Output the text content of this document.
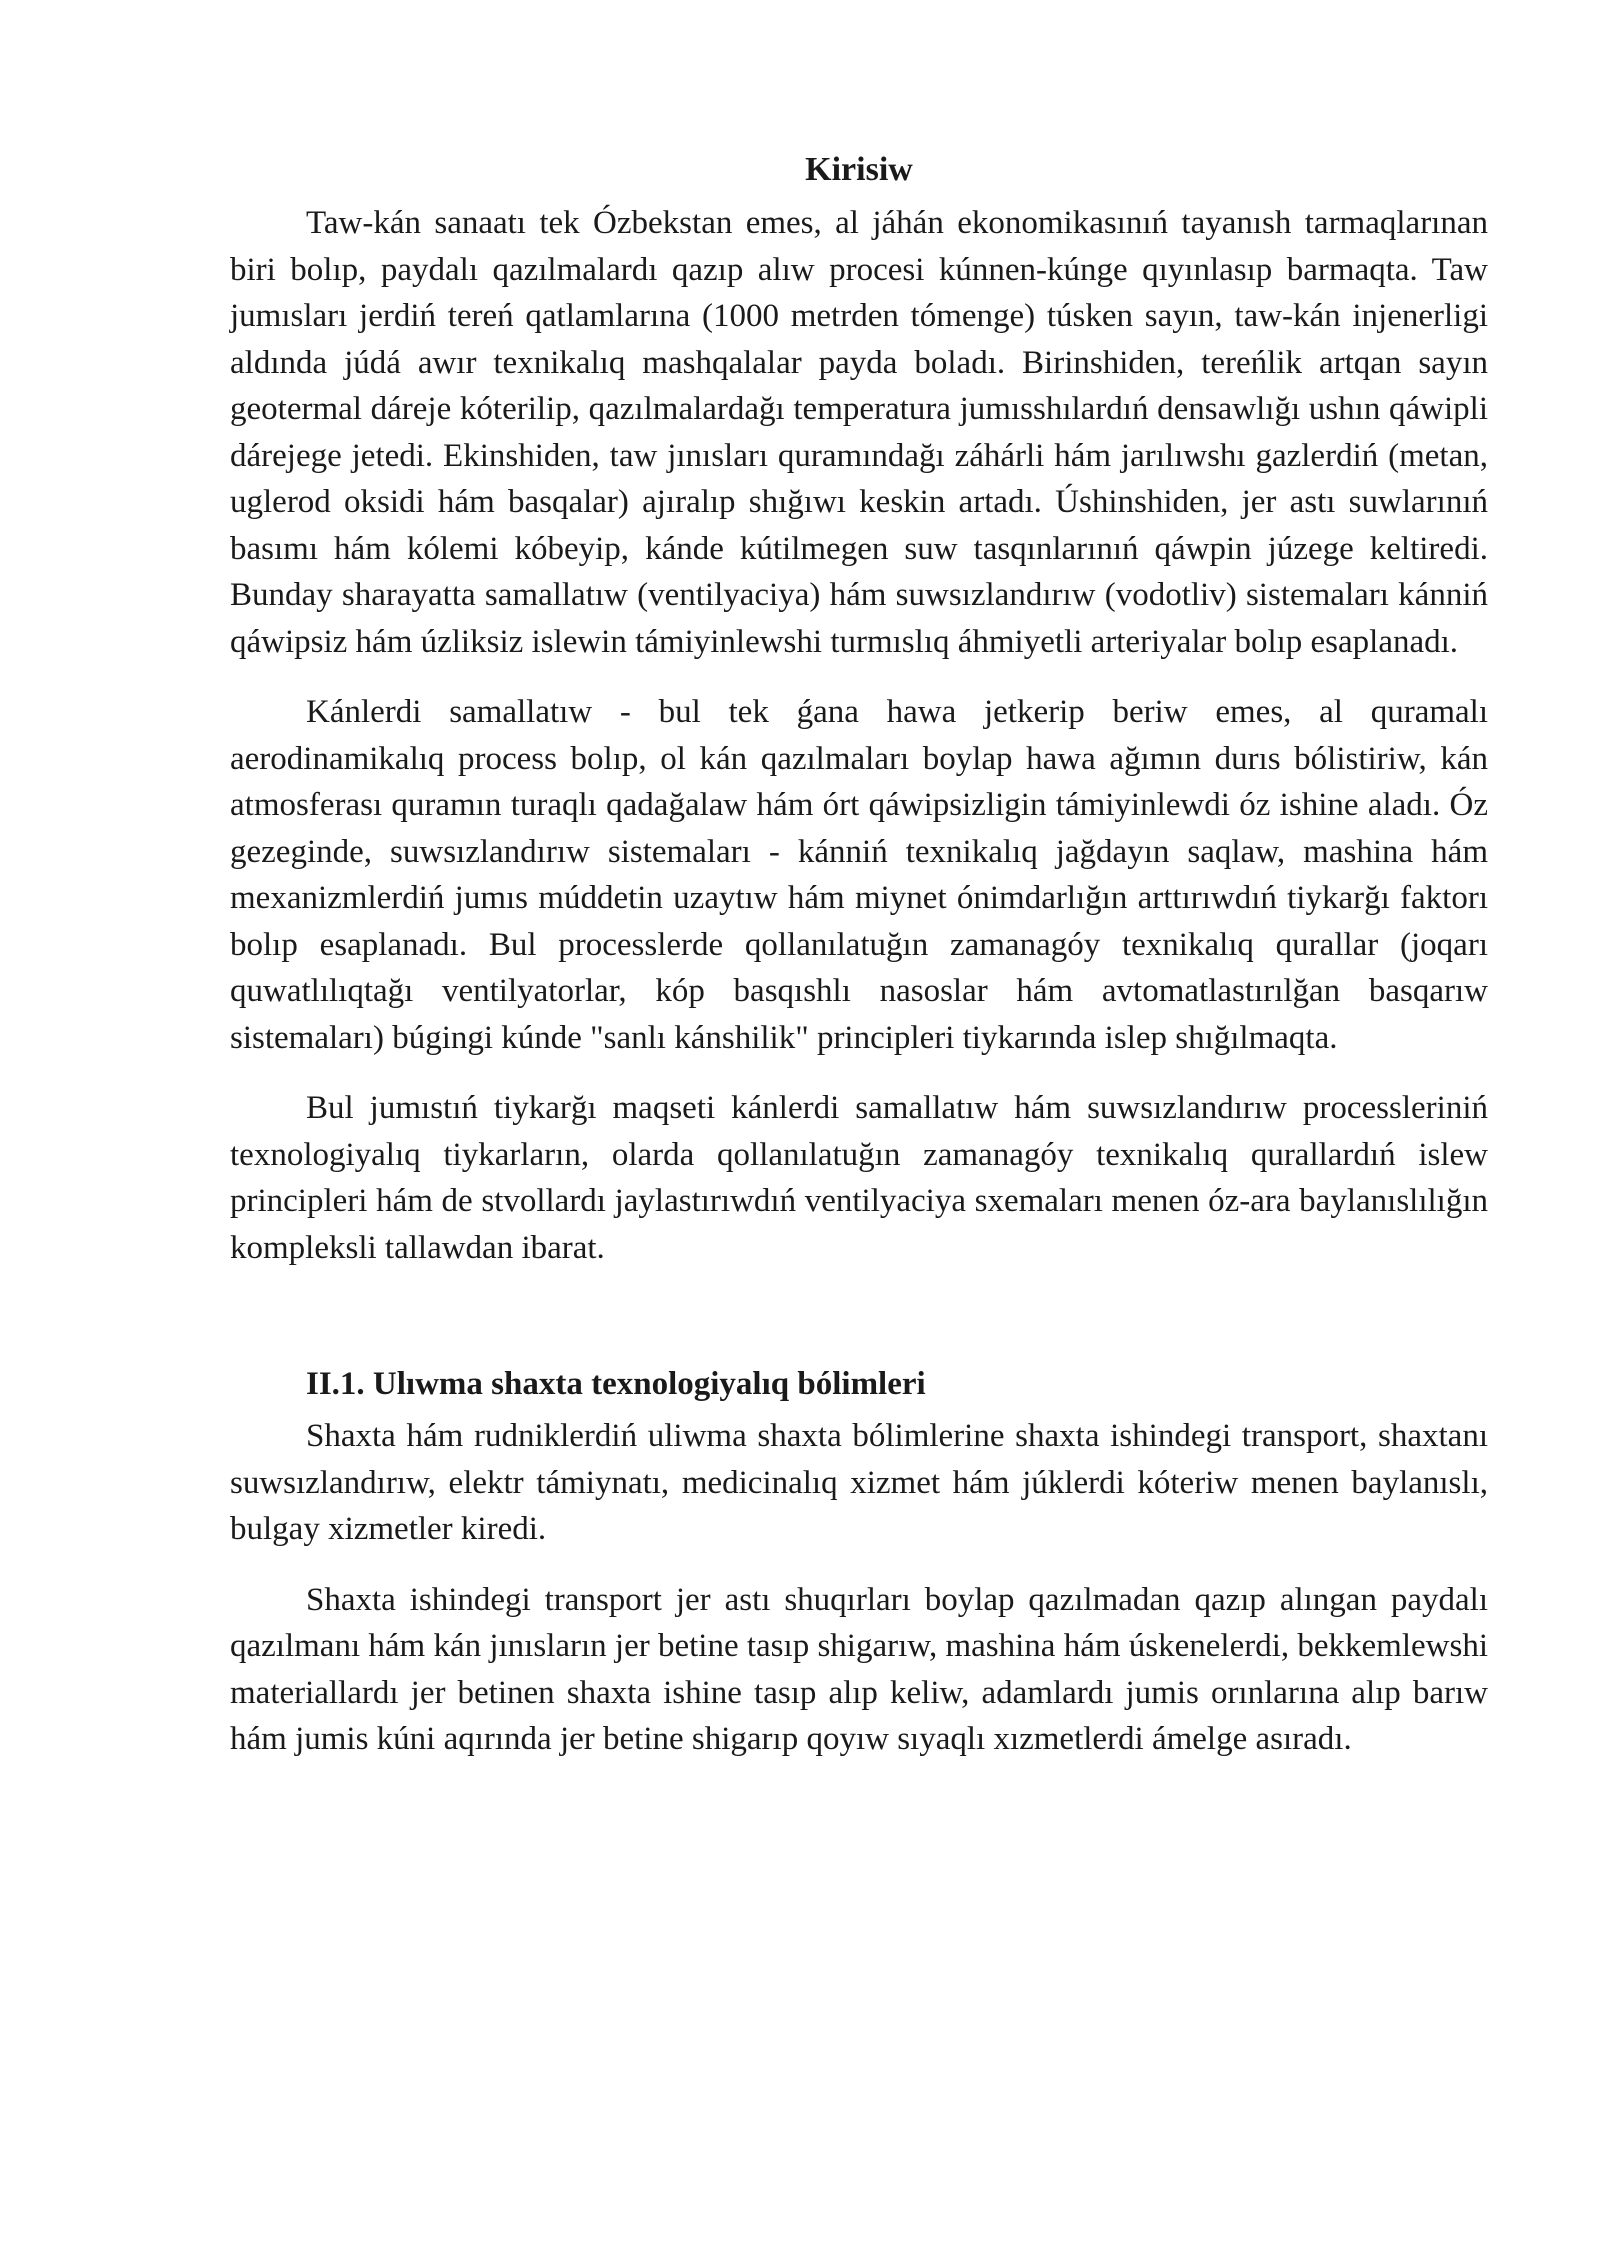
Kirisiw

Taw-kán sanaatı tek Ózbekstan emes, al jáhán ekonomikasınıń tayanısh tarmaqlarınan biri bolıp, paydalı qazılmalardı qazıp alıw procesi kúnnen-kúnge qıyınlasıp barmaqta. Taw jumısları jerdiń tereń qatlamlarına (1000 metrden tómenge) túsken sayın, taw-kán injenerligi aldında júdá awır texnikalıq mashqalalar payda boladı. Birinshiden, tereńlik artqan sayın geotermal dáreje kóterilip, qazılmalardağı temperatura jumısshılardıń densawlığı ushın qáwipli dárejege jetedi. Ekinshiden, taw jınısları quramındağı záhárli hám jarılıwshı gazlerdiń (metan, uglerod oksidi hám basqalar) ajıralıp shığıwı keskin artadı. Úshinshiden, jer astı suwlarınıń basımı hám kólemi kóbeyip, kánde kútilmegen suw tasqınlarınıń qáwpin júzege keltiredi. Bunday sharayatta samallatıw (ventilyaciya) hám suwsızlandırıw (vodotliv) sistemaları kánniń qáwipsiz hám úzliksiz islewin támiyinlewshi turmıslıq áhmiyetli arteriyalar bolıp esaplanadı.

Kánlerdi samallatıw - bul tek ǵana hawa jetkerip beriw emes, al quramalı aerodinamikalıq process bolıp, ol kán qazılmaları boylap hawa ağımın durıs bólistiriw, kán atmosferası quramın turaqlı qadağalaw hám órt qáwipsizligin támiyinlewdi óz ishine aladı. Óz gezeginde, suwsızlandırıw sistemaları - kánniń texnikalıq jağdayın saqlaw, mashina hám mexanizmlerdiń jumıs múddetin uzaytıw hám miynet ónimdarlığın arttırıwdıń tiykarğı faktorı bolıp esaplanadı. Bul processlerde qollanılatuğın zamanagóy texnikalıq qurallar (joqarı quwatlılıqtağı ventilyatorlar, kóp basqıshlı nasoslar hám avtomatlastırılğan basqarıw sistemaları) búgingi kúnde "sanlı kánshilik" principleri tiykarında islep shığılmaqta.

Bul jumıstıń tiykarğı maqseti kánlerdi samallatıw hám suwsızlandırıw processleriniń texnologiyalıq tiykarların, olarda qollanılatuğın zamanagóy texnikalıq qurallardıń islew principleri hám de stvollardı jaylastırıwdıń ventilyaciya sxemaları menen óz-ara baylanıslılığın kompleksli tallawdan ibarat.

II.1. Ulıwma shaxta texnologiyalıq bólimleri

Shaxta hám rudniklerdiń uliwma shaxta bólimlerine shaxta ishindegi transport, shaxtanı suwsızlandırıw, elektr támiynatı, medicinalıq xizmet hám júklerdi kóteriw menen baylanıslı, bulgay xizmetler kiredi.

Shaxta ishindegi transport jer astı shuqırları boylap qazılmadan qazıp alıngan paydalı qazılmanı hám kán jınısların jer betine tasıp shigarıw, mashina hám úskenelerdi, bekkemlewshi materiallardı jer betinen shaxta ishine tasıp alıp keliw, adamlardı jumis orınlarına alıp barıw hám jumis kúni aqırında jer betine shigarıp qoyıw sıyaqlı xızmetlerdi ámelge asıradı.
